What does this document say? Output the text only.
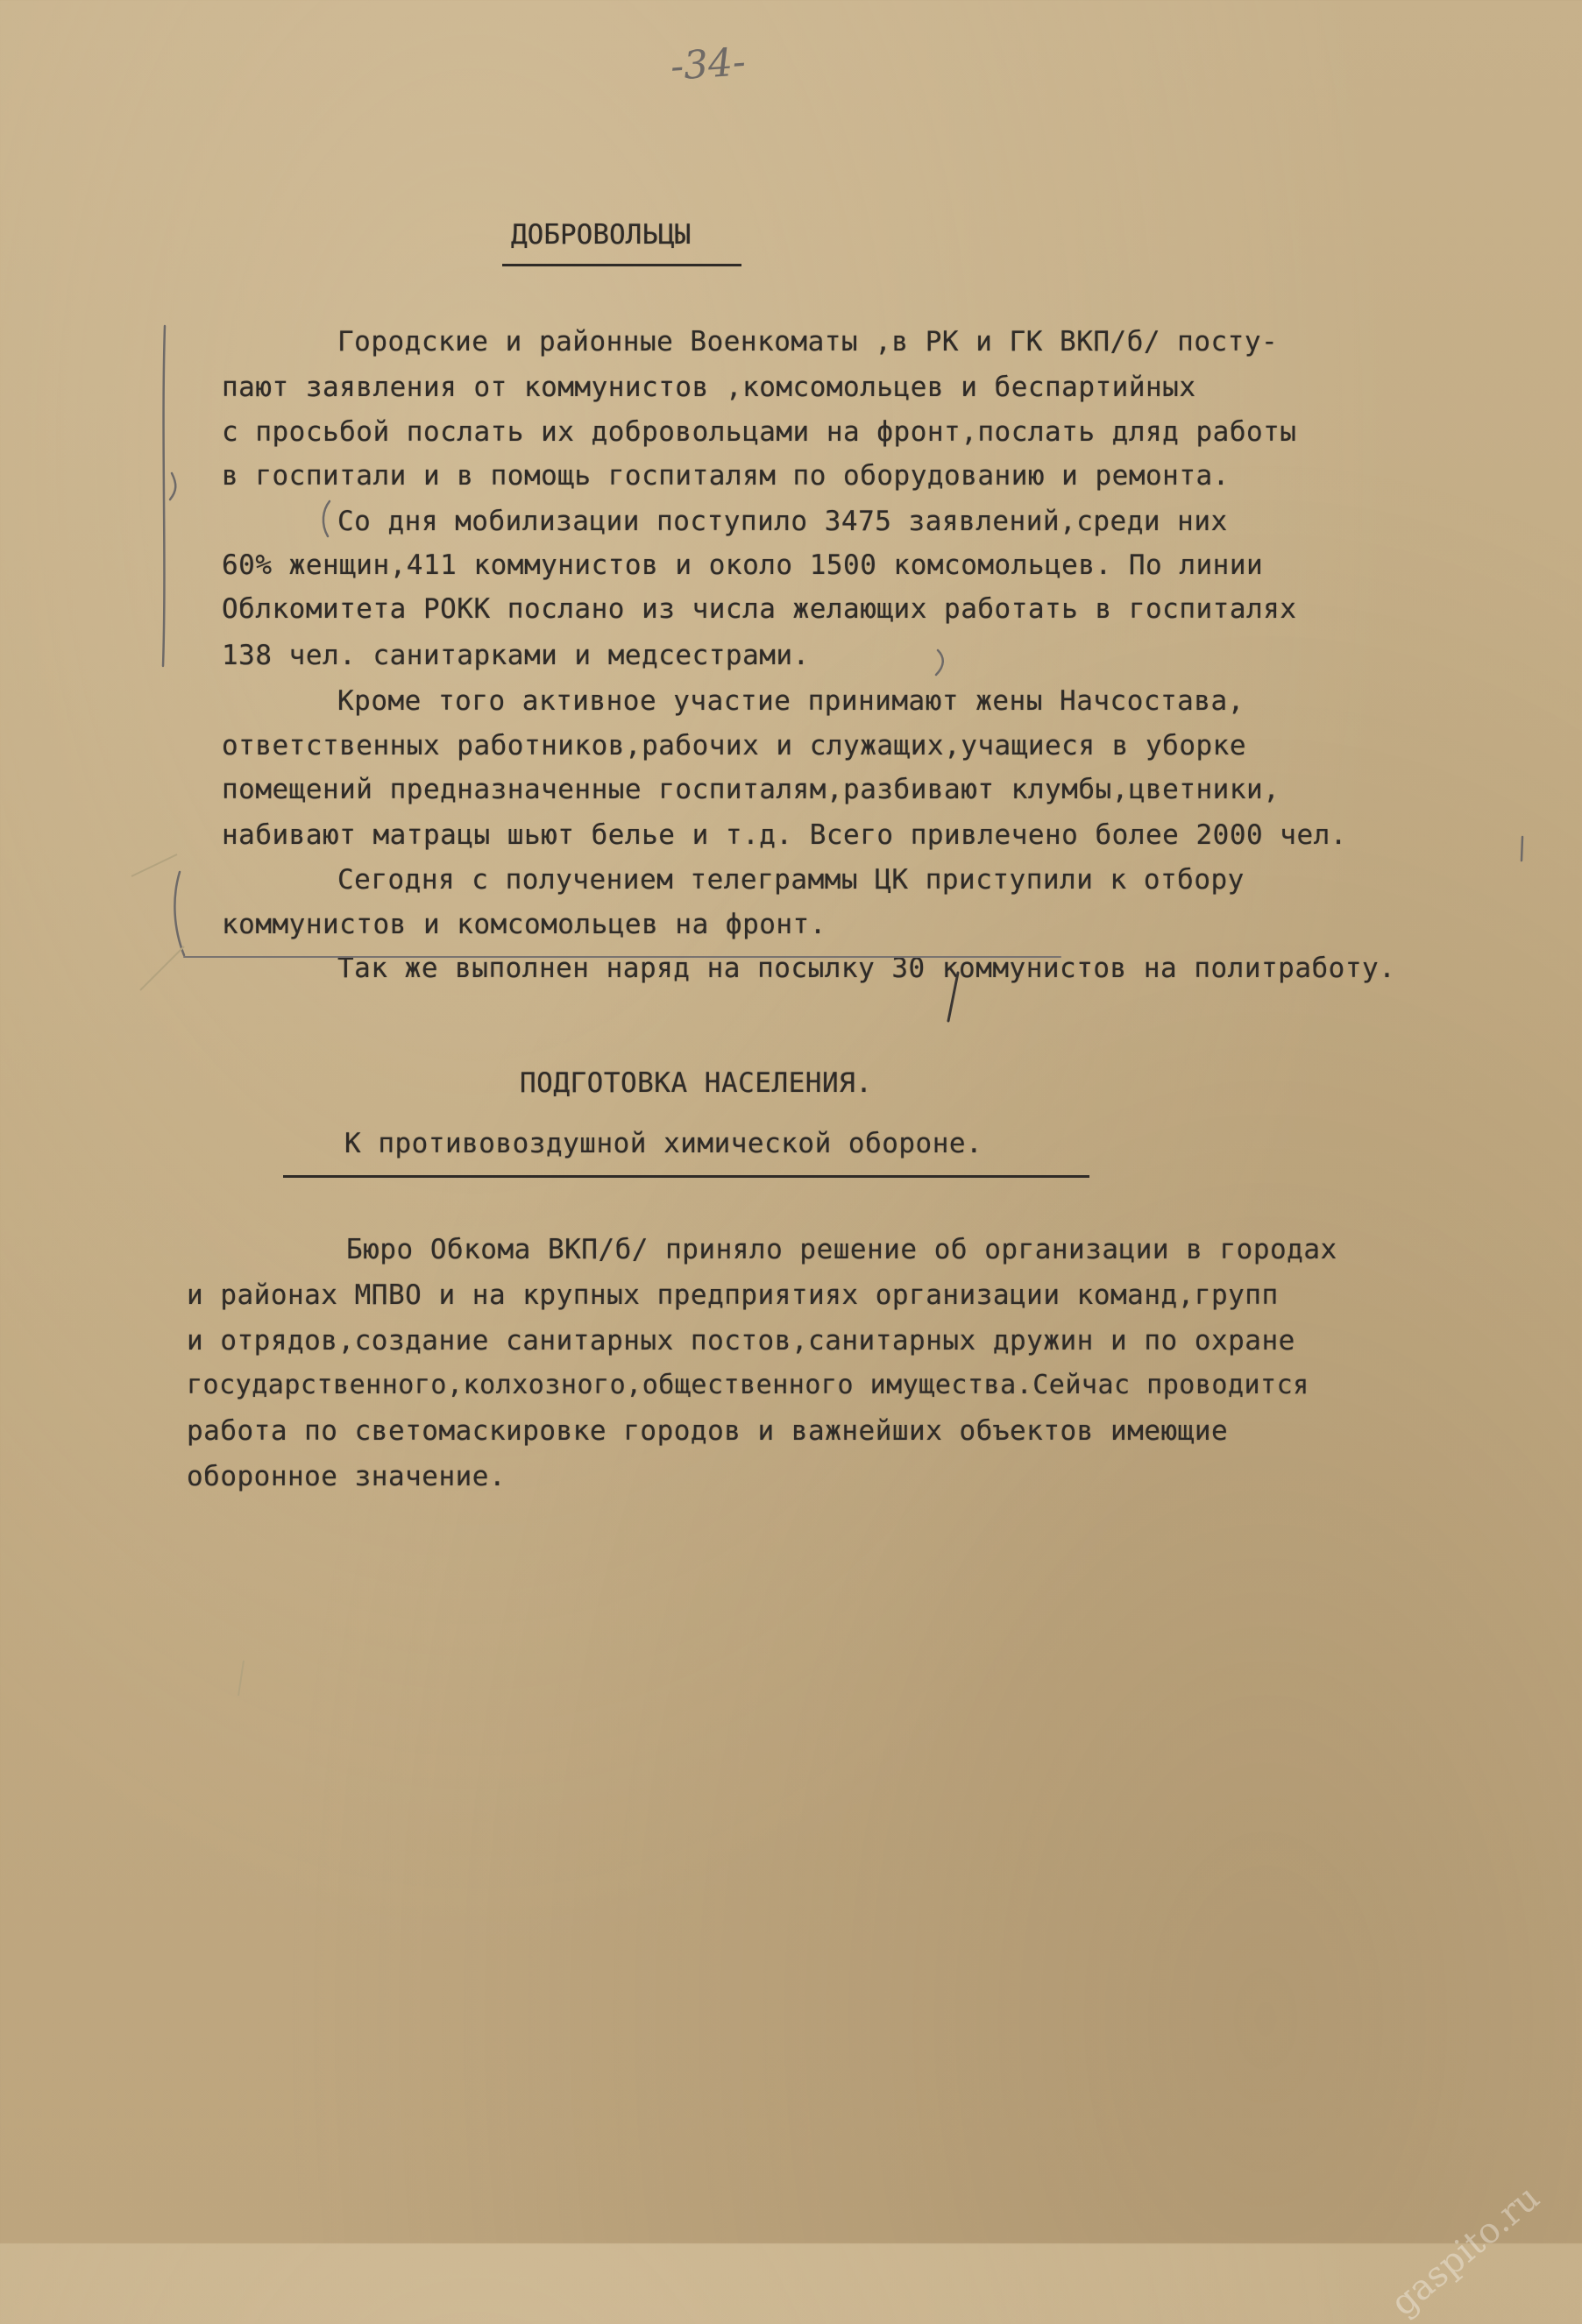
-34-
ДОБРОВОЛЬЦЫ
Городские и районные Военкоматы ,в РК и ГК ВКП/б/ посту-
пают заявления от коммунистов ,комсомольцев и беспартийных
с просьбой послать их добровольцами на фронт,послать дляд работы
в госпитали и в помощь госпиталям по оборудованию и ремонта.
Со дня мобилизации поступило 3475 заявлений,среди них
60% женщин,411 коммунистов и около 1500 комсомольцев. По линии
Облкомитета РОКК послано из числа желающих работать в госпиталях
138 чел. санитарками и медсестрами.
Кроме того активное участие принимают жены Начсостава,
ответственных работников,рабочих и служащих,учащиеся в уборке
помещений предназначенные госпиталям,разбивают клумбы,цветники,
набивают матрацы шьют белье и т.д. Всего привлечено более 2000 чел.
Сегодня с получением телеграммы ЦК приступили к отбору
коммунистов и комсомольцев на фронт.
Так же выполнен наряд на посылку 30 коммунистов на политработу.
ПОДГОТОВКА НАСЕЛЕНИЯ.
К противовоздушной химической обороне.
Бюро Обкома ВКП/б/ приняло решение об организации в городах
и районах МПВО и на крупных предприятиях организации команд,групп
и отрядов,создание санитарных постов,санитарных дружин и по охране
государственного,колхозного,общественного имущества.Сейчас проводится
работа по светомаскировке городов и важнейших объектов имеющие
оборонное значение.
gaspito.ru
